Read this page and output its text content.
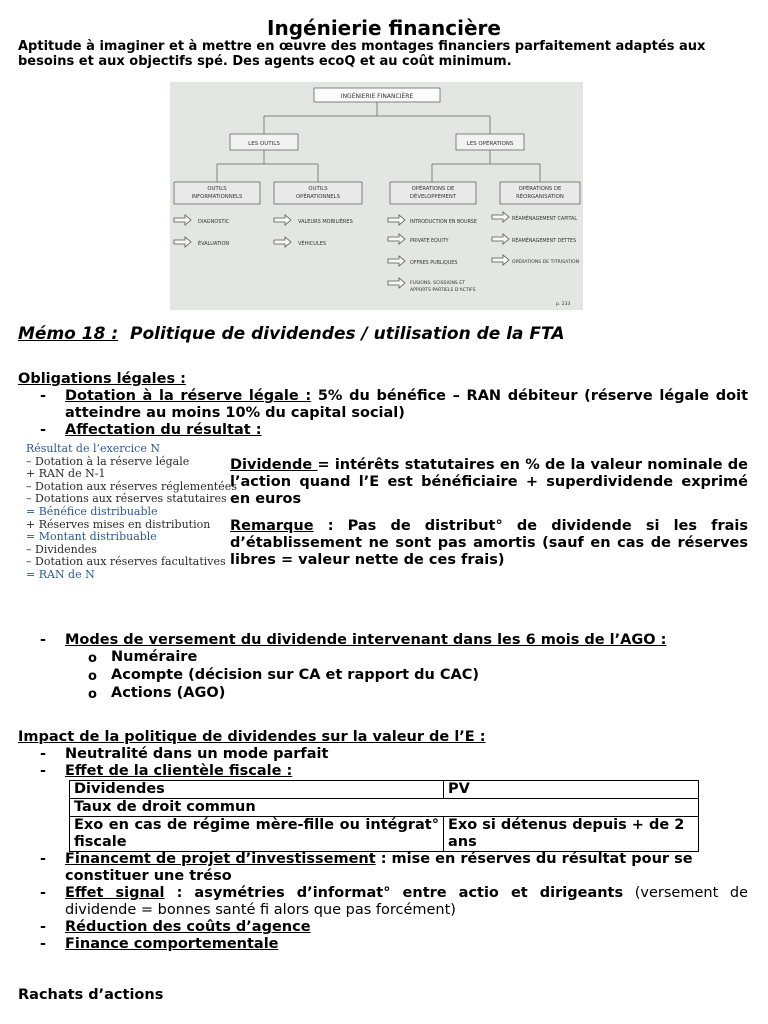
Ingénierie financière
Aptitude à imaginer et à mettre en œuvre des montages financiers parfaitement adaptés aux besoins et aux objectifs spé. Des agents ecoQ et au coût minimum.
INGÉNIERIE FINANCIÈRE
LES OUTILS	LES OPÉRATIONS
OUTILS
INFORMATIONNELS
OUTILS
OPÉRATIONNELS
OPÉRATIONS DE
DÉVELOPPEMENT
OPÉRATIONS DE
RÉORGANISATION
DIAGNOSTIC
ÉVALUATION
VALEURS MOBILIÈRES
VÉHICULES
INTRODUCTION EN BOURSE
PRIVATE EQUITY
OFFRES PUBLIQUES
FUSIONS, SCISSIONS ET
APPORTS PARTIELS D'ACTIFS
RÉAMÉNAGEMENT CAPITAL
RÉAMÉNAGEMENT DETTES
OPÉRATIONS DE TITRISATION
p. 233
Mémo 18 : Politique de dividendes / utilisation de la FTA
Obligations légales :
- Dotation à la réserve légale : 5% du bénéfice – RAN débiteur (réserve légale doit atteindre au moins 10% du capital social)
- Affectation du résultat :
Résultat de l’exercice N
– Dotation à la réserve légale
+ RAN de N-1
– Dotation aux réserves réglementées
– Dotations aux réserves statutaires
= Bénéfice distribuable
+ Réserves mises en distribution
= Montant distribuable
– Dividendes
– Dotation aux réserves facultatives
= RAN de N
Dividende = intérêts statutaires en % de la valeur nominale de l’action quand l’E est bénéficiaire + superdividende exprimé en euros
Remarque : Pas de distribut° de dividende si les frais d’établissement ne sont pas amortis (sauf en cas de réserves libres = valeur nette de ces frais)
- Modes de versement du dividende intervenant dans les 6 mois de l’AGO :
o Numéraire
o Acompte (décision sur CA et rapport du CAC)
o Actions (AGO)
Impact de la politique de dividendes sur la valeur de l’E :
- Neutralité dans un mode parfait
- Effet de la clientèle fiscale :
Dividendes	PV
Taux de droit commun	
Exo en cas de régime mère-fille ou intégrat° fiscale	Exo si détenus depuis + de 2 ans
- Financemt de projet d’investissement : mise en réserves du résultat pour se constituer une tréso
- Effet signal : asymétries d’informat° entre actio et dirigeants (versement de dividende = bonnes santé fi alors que pas forcément)
- Réduction des coûts d’agence
- Finance comportementale
Rachats d’actions
